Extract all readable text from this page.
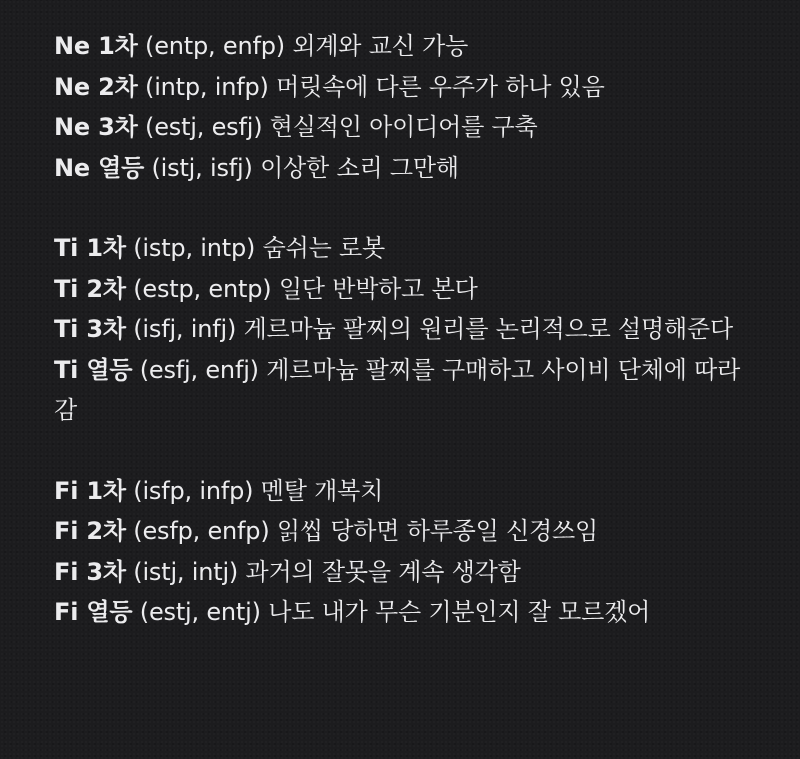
Ne 1차 (entp, enfp) 외계와 교신 가능
Ne 2차 (intp, infp) 머릿속에 다른 우주가 하나 있음
Ne 3차 (estj, esfj) 현실적인 아이디어를 구축
Ne 열등 (istj, isfj) 이상한 소리 그만해
Ti 1차 (istp, intp) 숨쉬는 로봇
Ti 2차 (estp, entp) 일단 반박하고 본다
Ti 3차 (isfj, infj) 게르마늄 팔찌의 원리를 논리적으로 설명해준다
Ti 열등 (esfj, enfj) 게르마늄 팔찌를 구매하고 사이비 단체에 따라감
Fi 1차 (isfp, infp) 멘탈 개복치
Fi 2차 (esfp, enfp) 읽씹 당하면 하루종일 신경쓰임
Fi 3차 (istj, intj) 과거의 잘못을 계속 생각함
Fi 열등 (estj, entj) 나도 내가 무슨 기분인지 잘 모르겠어
